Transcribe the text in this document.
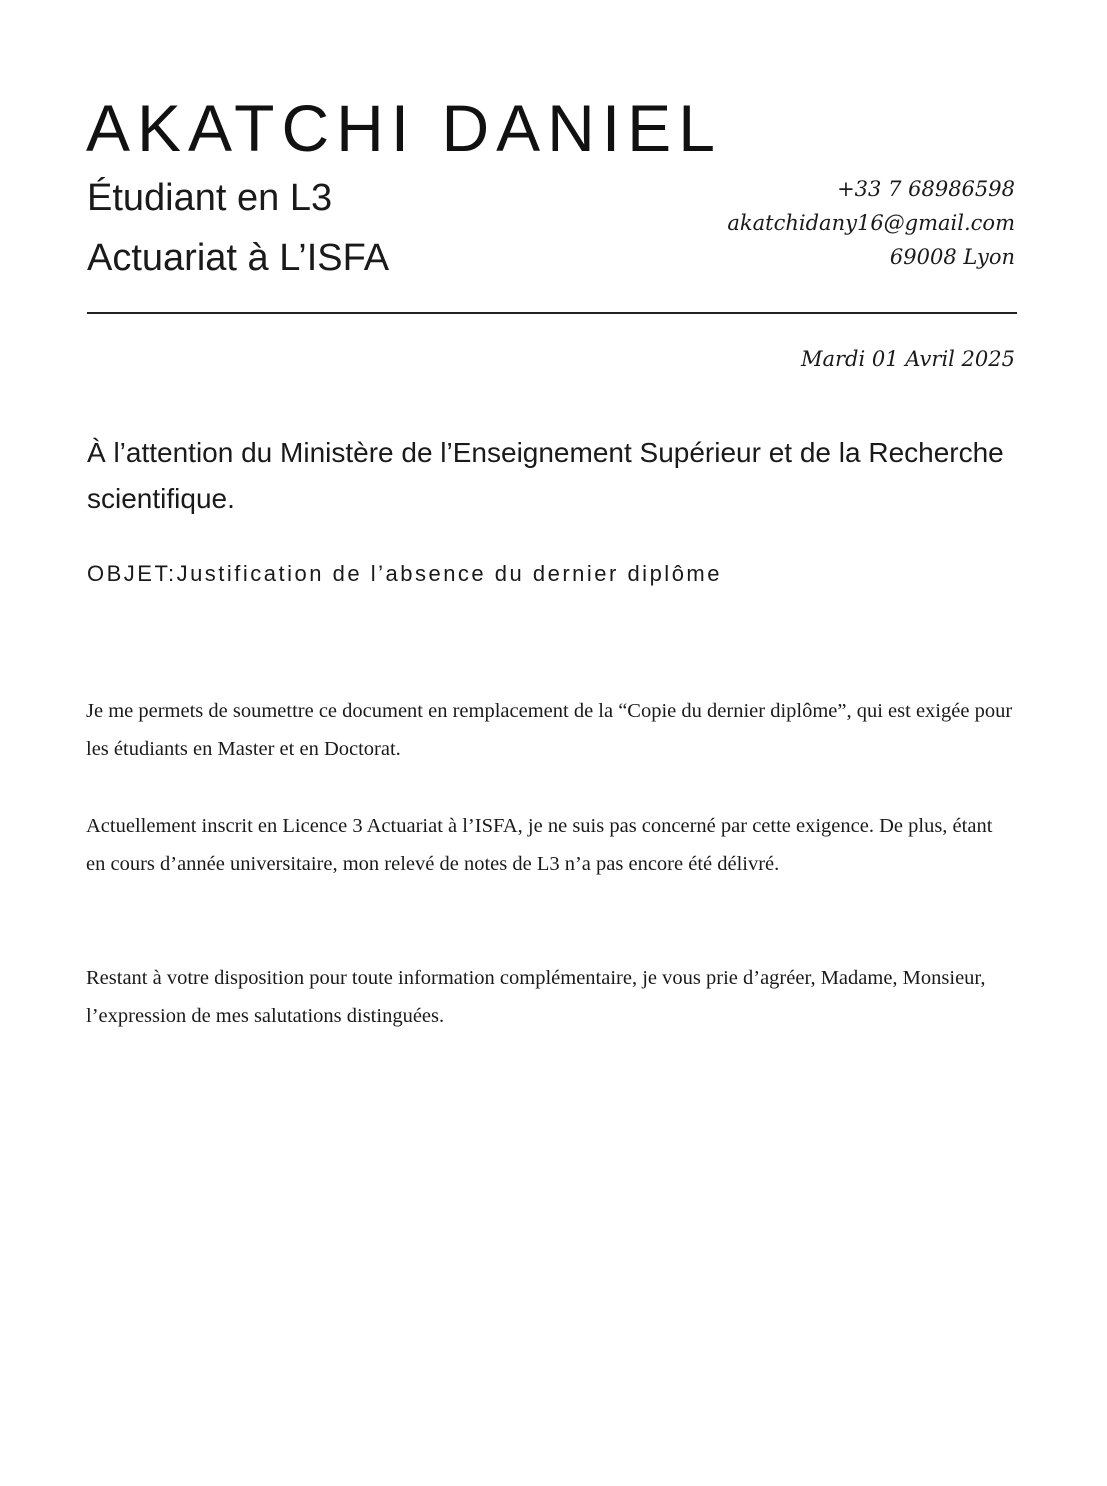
AKATCHI DANIEL
Étudiant en L3
Actuariat à L’ISFA
+33 7 68986598
akatchidany16@gmail.com
69008 Lyon
Mardi 01 Avril 2025
À l’attention du Ministère de l’Enseignement Supérieur et de la Recherche scientifique.
OBJET:Justification de l’absence du dernier diplôme

Je me permets de soumettre ce document en remplacement de la “Copie du dernier diplôme”, qui est exigée pour les étudiants en Master et en Doctorat.

Actuellement inscrit en Licence 3 Actuariat à l’ISFA, je ne suis pas concerné par cette exigence. De plus, étant en cours d’année universitaire, mon relevé de notes de L3 n’a pas encore été délivré.

Restant à votre disposition pour toute information complémentaire, je vous prie d’agréer, Madame, Monsieur, l’expression de mes salutations distinguées.
